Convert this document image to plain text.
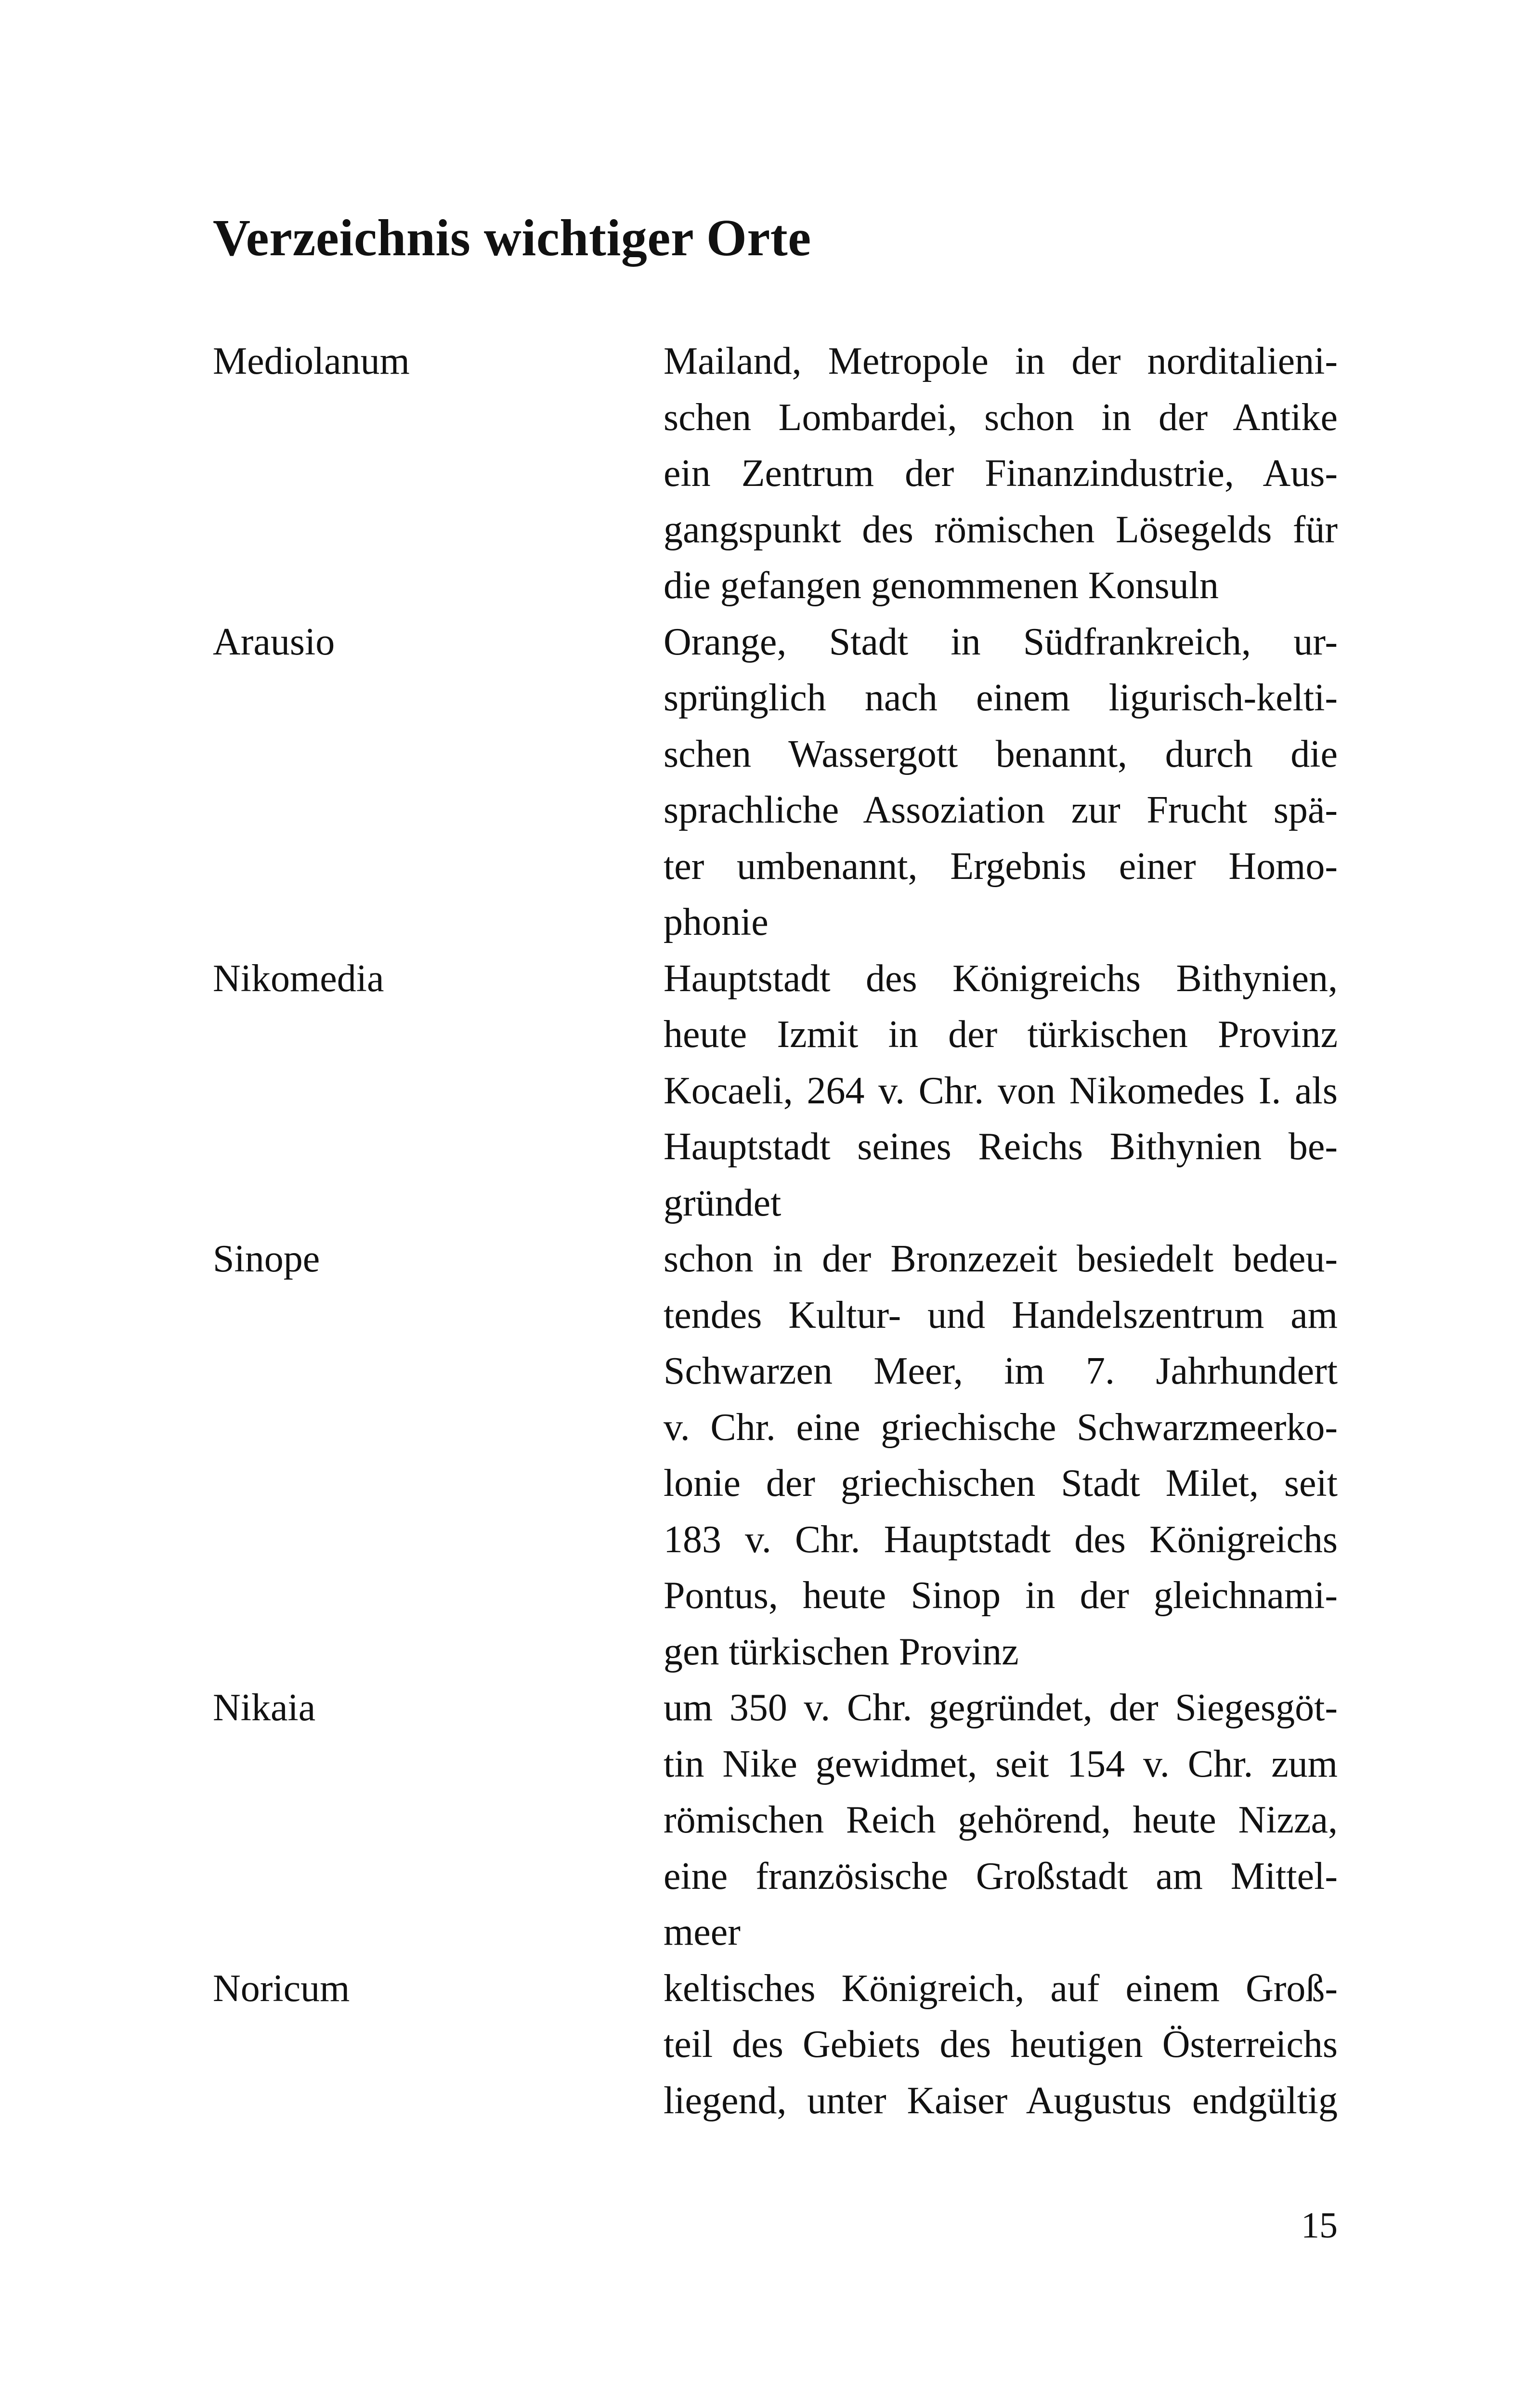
Verzeichnis wichtiger Orte
Mediolanum	Mailand, Metropole in der norditalieni-
schen Lombardei, schon in der Antike
ein Zentrum der Finanzindustrie, Aus-
gangspunkt des römischen Lösegelds für
die gefangen genommenen Konsuln
Arausio	Orange, Stadt in Südfrankreich, ur-
sprünglich nach einem ligurisch-kelti-
schen Wassergott benannt, durch die
sprachliche Assoziation zur Frucht spä-
ter umbenannt, Ergebnis einer Homo-
phonie
Nikomedia	Hauptstadt des Königreichs Bithynien,
heute Izmit in der türkischen Provinz
Kocaeli, 264 v. Chr. von Nikomedes I. als
Hauptstadt seines Reichs Bithynien be-
gründet
Sinope	schon in der Bronzezeit besiedelt bedeu-
tendes Kultur- und Handelszentrum am
Schwarzen Meer, im 7. Jahrhundert
v. Chr. eine griechische Schwarzmeerko-
lonie der griechischen Stadt Milet, seit
183 v. Chr. Hauptstadt des Königreichs
Pontus, heute Sinop in der gleichnami-
gen türkischen Provinz
Nikaia	um 350 v. Chr. gegründet, der Siegesgöt-
tin Nike gewidmet, seit 154 v. Chr. zum
römischen Reich gehörend, heute Nizza,
eine französische Großstadt am Mittel-
meer
Noricum	keltisches Königreich, auf einem Groß-
teil des Gebiets des heutigen Österreichs
liegend, unter Kaiser Augustus endgültig
15
